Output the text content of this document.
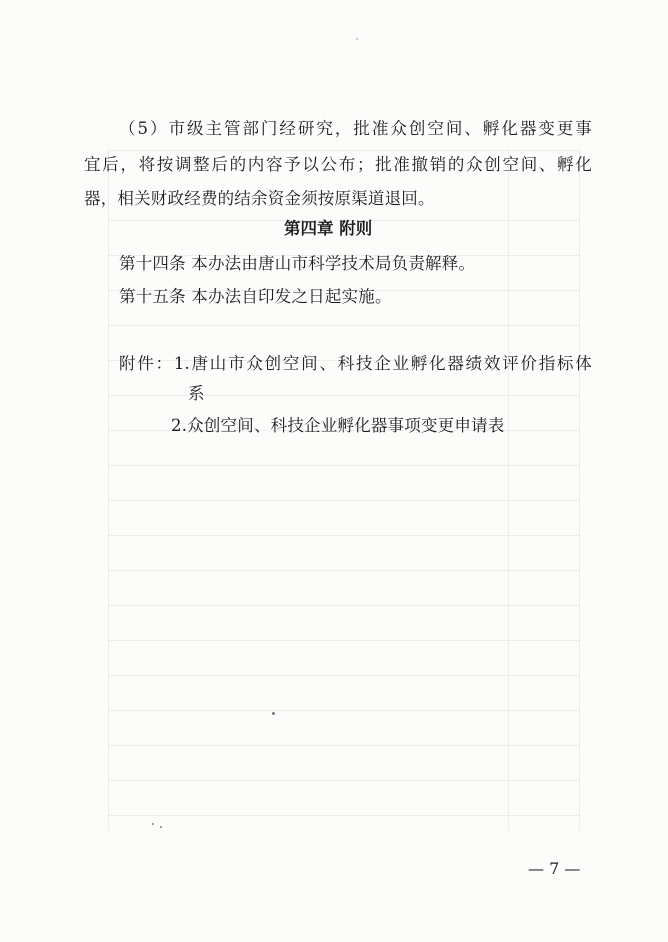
（5）市级主管部门经研究，批准众创空间、孵化器变更事
宜后，将按调整后的内容予以公布；批准撤销的众创空间、孵化
器，相关财政经费的结余资金须按原渠道退回。
第四章 附则
第十四条 本办法由唐山市科学技术局负责解释。
第十五条 本办法自印发之日起实施。
附件：1.唐山市众创空间、科技企业孵化器绩效评价指标体
系
2.众创空间、科技企业孵化器事项变更申请表
— 7 —
